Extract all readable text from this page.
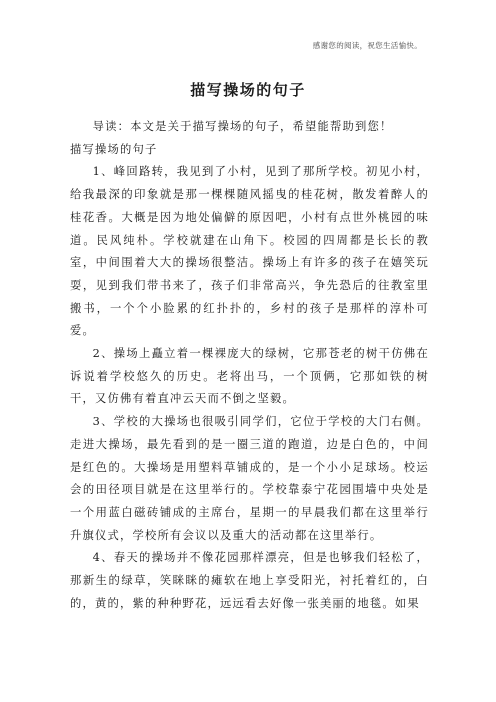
感谢您的阅读，祝您生活愉快。
描写操场的句子

导读：本文是关于描写操场的句子，希望能帮助到您！

描写操场的句子

1、峰回路转，我见到了小村，见到了那所学校。初见小村，给我最深的印象就是那一棵棵随风摇曳的桂花树，散发着醉人的桂花香。大概是因为地处偏僻的原因吧，小村有点世外桃园的味道。民风纯朴。学校就建在山角下。校园的四周都是长长的教室，中间围着大大的操场很整洁。操场上有许多的孩子在嬉笑玩耍，见到我们带书来了，孩子们非常高兴，争先恐后的往教室里搬书，一个个小脸累的红扑扑的，乡村的孩子是那样的淳朴可爱。

2、操场上矗立着一棵裸庞大的绿树，它那苍老的树干仿佛在诉说着学校悠久的历史。老将出马，一个顶俩，它那如铁的树干，又仿佛有着直冲云天而不倒之坚毅。

3、学校的大操场也很吸引同学们，它位于学校的大门右侧。走进大操场，最先看到的是一圈三道的跑道，边是白色的，中间是红色的。大操场是用塑料草铺成的，是一个小小足球场。校运会的田径项目就是在这里举行的。学校靠泰宁花园围墙中央处是一个用蓝白磁砖铺成的主席台，星期一的早晨我们都在这里举行升旗仪式，学校所有会议以及重大的活动都在这里举行。

4、春天的操场并不像花园那样漂亮，但是也够我们轻松了，那新生的绿草，笑眯眯的瘫软在地上享受阳光，衬托着红的，白的，黄的，紫的种种野花，远远看去好像一张美丽的地毯。如果
